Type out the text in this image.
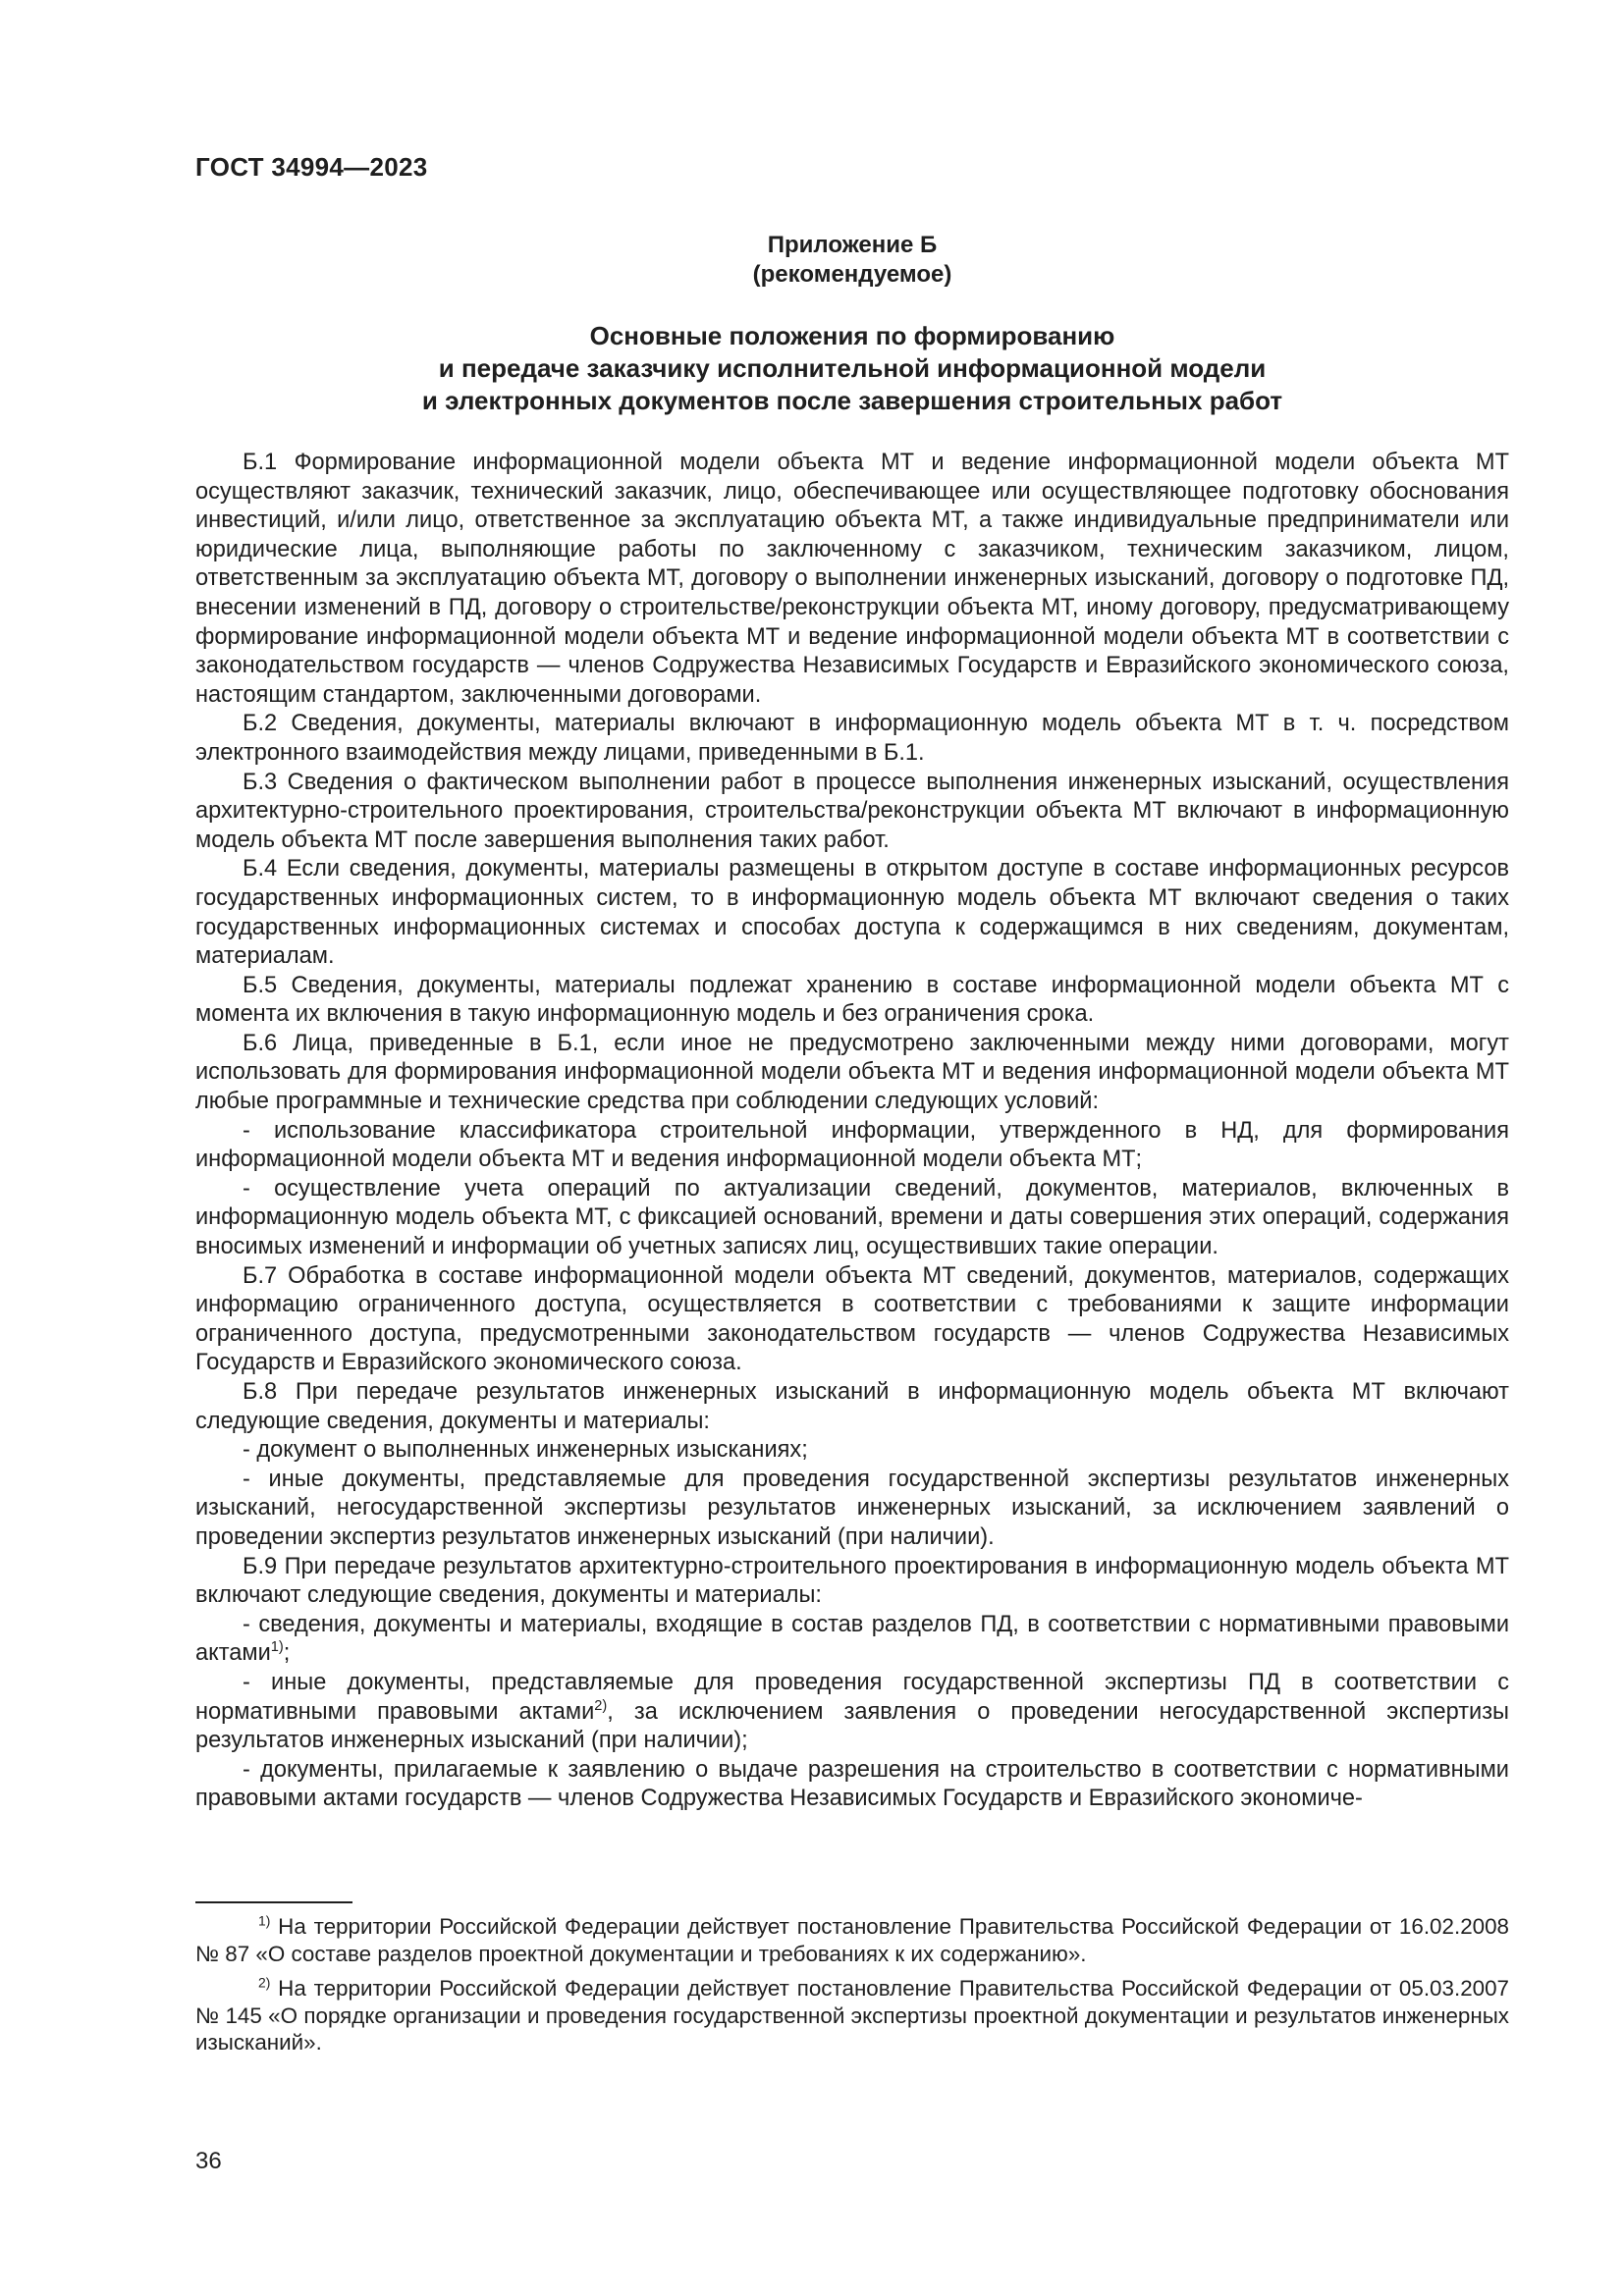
ГОСТ 34994—2023
Приложение Б
(рекомендуемое)
Основные положения по формированию
и передаче заказчику исполнительной информационной модели
и электронных документов после завершения строительных работ

Б.1 Формирование информационной модели объекта МТ и ведение информационной модели объекта МТ осуществляют заказчик, технический заказчик, лицо, обеспечивающее или осуществляющее подготовку обоснования инвестиций, и/или лицо, ответственное за эксплуатацию объекта МТ, а также индивидуальные предприниматели или юридические лица, выполняющие работы по заключенному с заказчиком, техническим заказчиком, лицом, ответственным за эксплуатацию объекта МТ, договору о выполнении инженерных изысканий, договору о подготовке ПД, внесении изменений в ПД, договору о строительстве/реконструкции объекта МТ, иному договору, предусматривающему формирование информационной модели объекта МТ и ведение информационной модели объекта МТ в соответствии с законодательством государств — членов Содружества Независимых Государств и Евразийского экономического союза, настоящим стандартом, заключенными договорами.

Б.2 Сведения, документы, материалы включают в информационную модель объекта МТ в т. ч. посредством электронного взаимодействия между лицами, приведенными в Б.1.

Б.3 Сведения о фактическом выполнении работ в процессе выполнения инженерных изысканий, осуществления архитектурно-строительного проектирования, строительства/реконструкции объекта МТ включают в информационную модель объекта МТ после завершения выполнения таких работ.

Б.4 Если сведения, документы, материалы размещены в открытом доступе в составе информационных ресурсов государственных информационных систем, то в информационную модель объекта МТ включают сведения о таких государственных информационных системах и способах доступа к содержащимся в них сведениям, документам, материалам.

Б.5 Сведения, документы, материалы подлежат хранению в составе информационной модели объекта МТ с момента их включения в такую информационную модель и без ограничения срока.

Б.6 Лица, приведенные в Б.1, если иное не предусмотрено заключенными между ними договорами, могут использовать для формирования информационной модели объекта МТ и ведения информационной модели объекта МТ любые программные и технические средства при соблюдении следующих условий:

- использование классификатора строительной информации, утвержденного в НД, для формирования информационной модели объекта МТ и ведения информационной модели объекта МТ;

- осуществление учета операций по актуализации сведений, документов, материалов, включенных в информационную модель объекта МТ, с фиксацией оснований, времени и даты совершения этих операций, содержания вносимых изменений и информации об учетных записях лиц, осуществивших такие операции.

Б.7 Обработка в составе информационной модели объекта МТ сведений, документов, материалов, содержащих информацию ограниченного доступа, осуществляется в соответствии с требованиями к защите информации ограниченного доступа, предусмотренными законодательством государств — членов Содружества Независимых Государств и Евразийского экономического союза.

Б.8 При передаче результатов инженерных изысканий в информационную модель объекта МТ включают следующие сведения, документы и материалы:

- документ о выполненных инженерных изысканиях;

- иные документы, представляемые для проведения государственной экспертизы результатов инженерных изысканий, негосударственной экспертизы результатов инженерных изысканий, за исключением заявлений о проведении экспертиз результатов инженерных изысканий (при наличии).

Б.9 При передаче результатов архитектурно-строительного проектирования в информационную модель объекта МТ включают следующие сведения, документы и материалы:

- сведения, документы и материалы, входящие в состав разделов ПД, в соответствии с нормативными правовыми актами$^{1)}$;

- иные документы, представляемые для проведения государственной экспертизы ПД в соответствии с нормативными правовыми актами$^{2)}$, за исключением заявления о проведении негосударственной экспертизы результатов инженерных изысканий (при наличии);

- документы, прилагаемые к заявлению о выдаче разрешения на строительство в соответствии с нормативными правовыми актами государств — членов Содружества Независимых Государств и Евразийского экономиче-

$^{1)}$ На территории Российской Федерации действует постановление Правительства Российской Федерации от 16.02.2008 № 87 «О составе разделов проектной документации и требованиях к их содержанию».

$^{2)}$ На территории Российской Федерации действует постановление Правительства Российской Федерации от 05.03.2007 № 145 «О порядке организации и проведения государственной экспертизы проектной документации и результатов инженерных изысканий».

36
